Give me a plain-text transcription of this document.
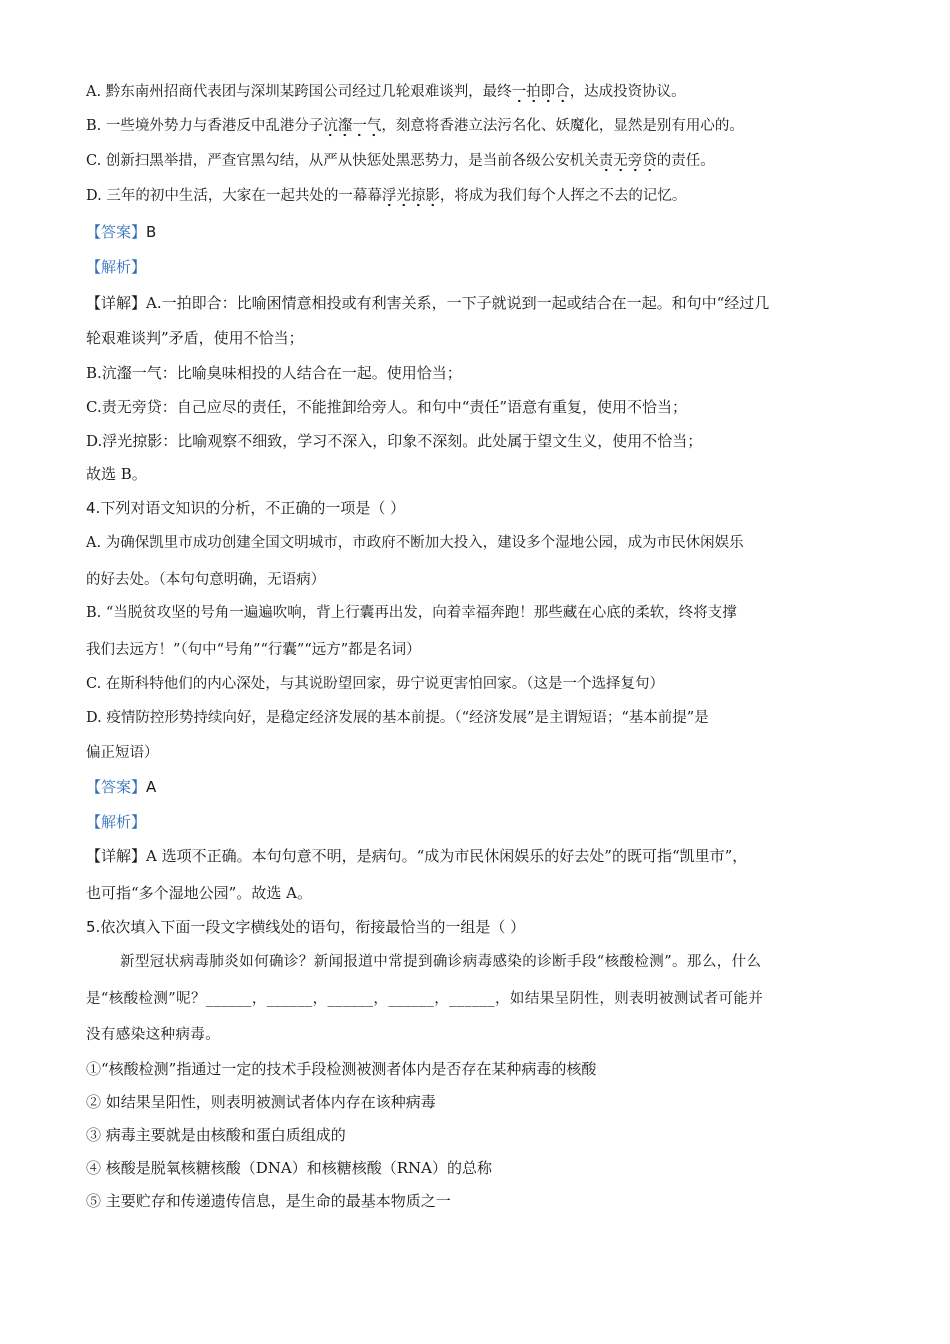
A. 黔东南州招商代表团与深圳某跨国公司经过几轮艰难谈判，最终一拍即合，达成投资协议。
B. 一些境外势力与香港反中乱港分子沆瀣一气，刻意将香港立法污名化、妖魔化，显然是别有用心的。
C. 创新扫黑举措，严查官黑勾结，从严从快惩处黑恶势力，是当前各级公安机关责无旁贷的责任。
D. 三年的初中生活，大家在一起共处的一幕幕浮光掠影，将成为我们每个人挥之不去的记忆。
【答案】B
【解析】
【详解】A.一拍即合：比喻困情意相投或有利害关系，一下子就说到一起或结合在一起。和句中“经过几
轮艰难谈判”矛盾，使用不恰当；
B.沆瀣一气：比喻臭味相投的人结合在一起。使用恰当；
C.责无旁贷：自己应尽的责任，不能推卸给旁人。和句中“责任”语意有重复，使用不恰当；
D.浮光掠影：比喻观察不细致，学习不深入，印象不深刻。此处属于望文生义，使用不恰当；
故选 B。
4.下列对语文知识的分析，不正确的一项是（ ）
A. 为确保凯里市成功创建全国文明城市，市政府不断加大投入，建设多个湿地公园，成为市民休闲娱乐
的好去处。（本句句意明确，无语病）
B. “当脱贫攻坚的号角一遍遍吹响，背上行囊再出发，向着幸福奔跑！那些藏在心底的柔软，终将支撑
我们去远方！”（句中“号角”“行囊”“远方”都是名词）
C. 在斯科特他们的内心深处，与其说盼望回家，毋宁说更害怕回家。（这是一个选择复句）
D. 疫情防控形势持续向好，是稳定经济发展的基本前提。（“经济发展”是主谓短语；“基本前提”是
偏正短语）
【答案】A
【解析】
【详解】A 选项不正确。本句句意不明，是病句。“成为市民休闲娱乐的好去处”的既可指“凯里市”，
也可指“多个湿地公园”。故选 A。
5.依次填入下面一段文字横线处的语句，衔接最恰当的一组是（ ）
新型冠状病毒肺炎如何确诊？新闻报道中常提到确诊病毒感染的诊断手段“核酸检测”。那么，什么
是“核酸检测”呢？______，______，______，______，______，如结果呈阴性，则表明被测试者可能并
没有感染这种病毒。
①“核酸检测”指通过一定的技术手段检测被测者体内是否存在某种病毒的核酸
② 如结果呈阳性，则表明被测试者体内存在该种病毒
③ 病毒主要就是由核酸和蛋白质组成的
④ 核酸是脱氧核糖核酸（DNA）和核糖核酸（RNA）的总称
⑤ 主要贮存和传递遗传信息，是生命的最基本物质之一
